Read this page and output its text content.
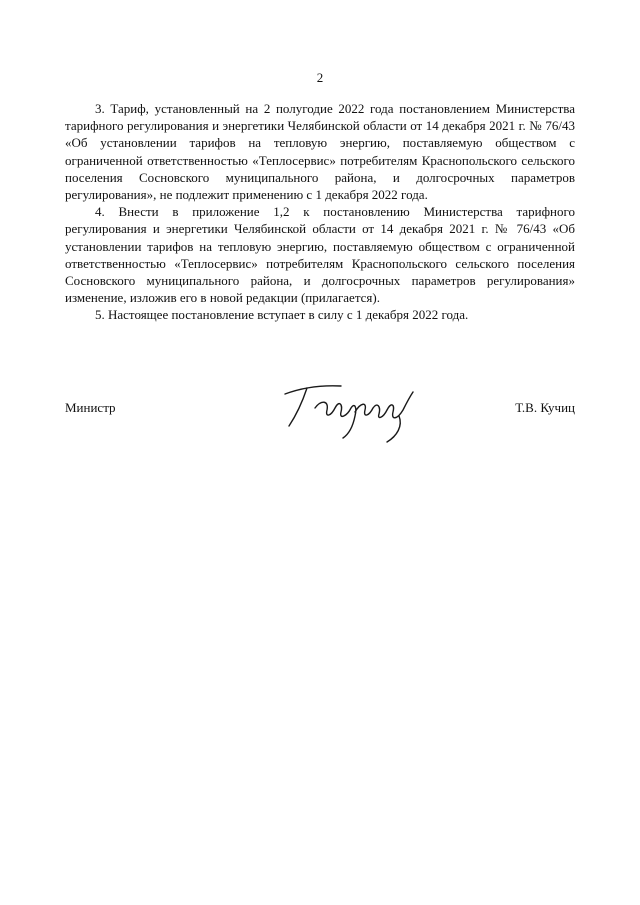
2

3. Тариф, установленный на 2 полугодие 2022 года постановлением Министерства тарифного регулирования и энергетики Челябинской области от 14 декабря 2021 г. № 76/43 «Об установлении тарифов на тепловую энергию, поставляемую обществом с ограниченной ответственностью «Теплосервис» потребителям Краснопольского сельского поселения Сосновского муниципального района, и долгосрочных параметров регулирования», не подлежит применению с 1 декабря 2022 года.

4. Внести в приложение 1,2 к постановлению Министерства тарифного регулирования и энергетики Челябинской области от 14 декабря 2021 г. № 76/43 «Об установлении тарифов на тепловую энергию, поставляемую обществом с ограниченной ответственностью «Теплосервис» потребителям Краснопольского сельского поселения Сосновского муниципального района, и долгосрочных параметров регулирования» изменение, изложив его в новой редакции (прилагается).

5. Настоящее постановление вступает в силу с 1 декабря 2022 года.

Министр	Т.В. Кучиц
